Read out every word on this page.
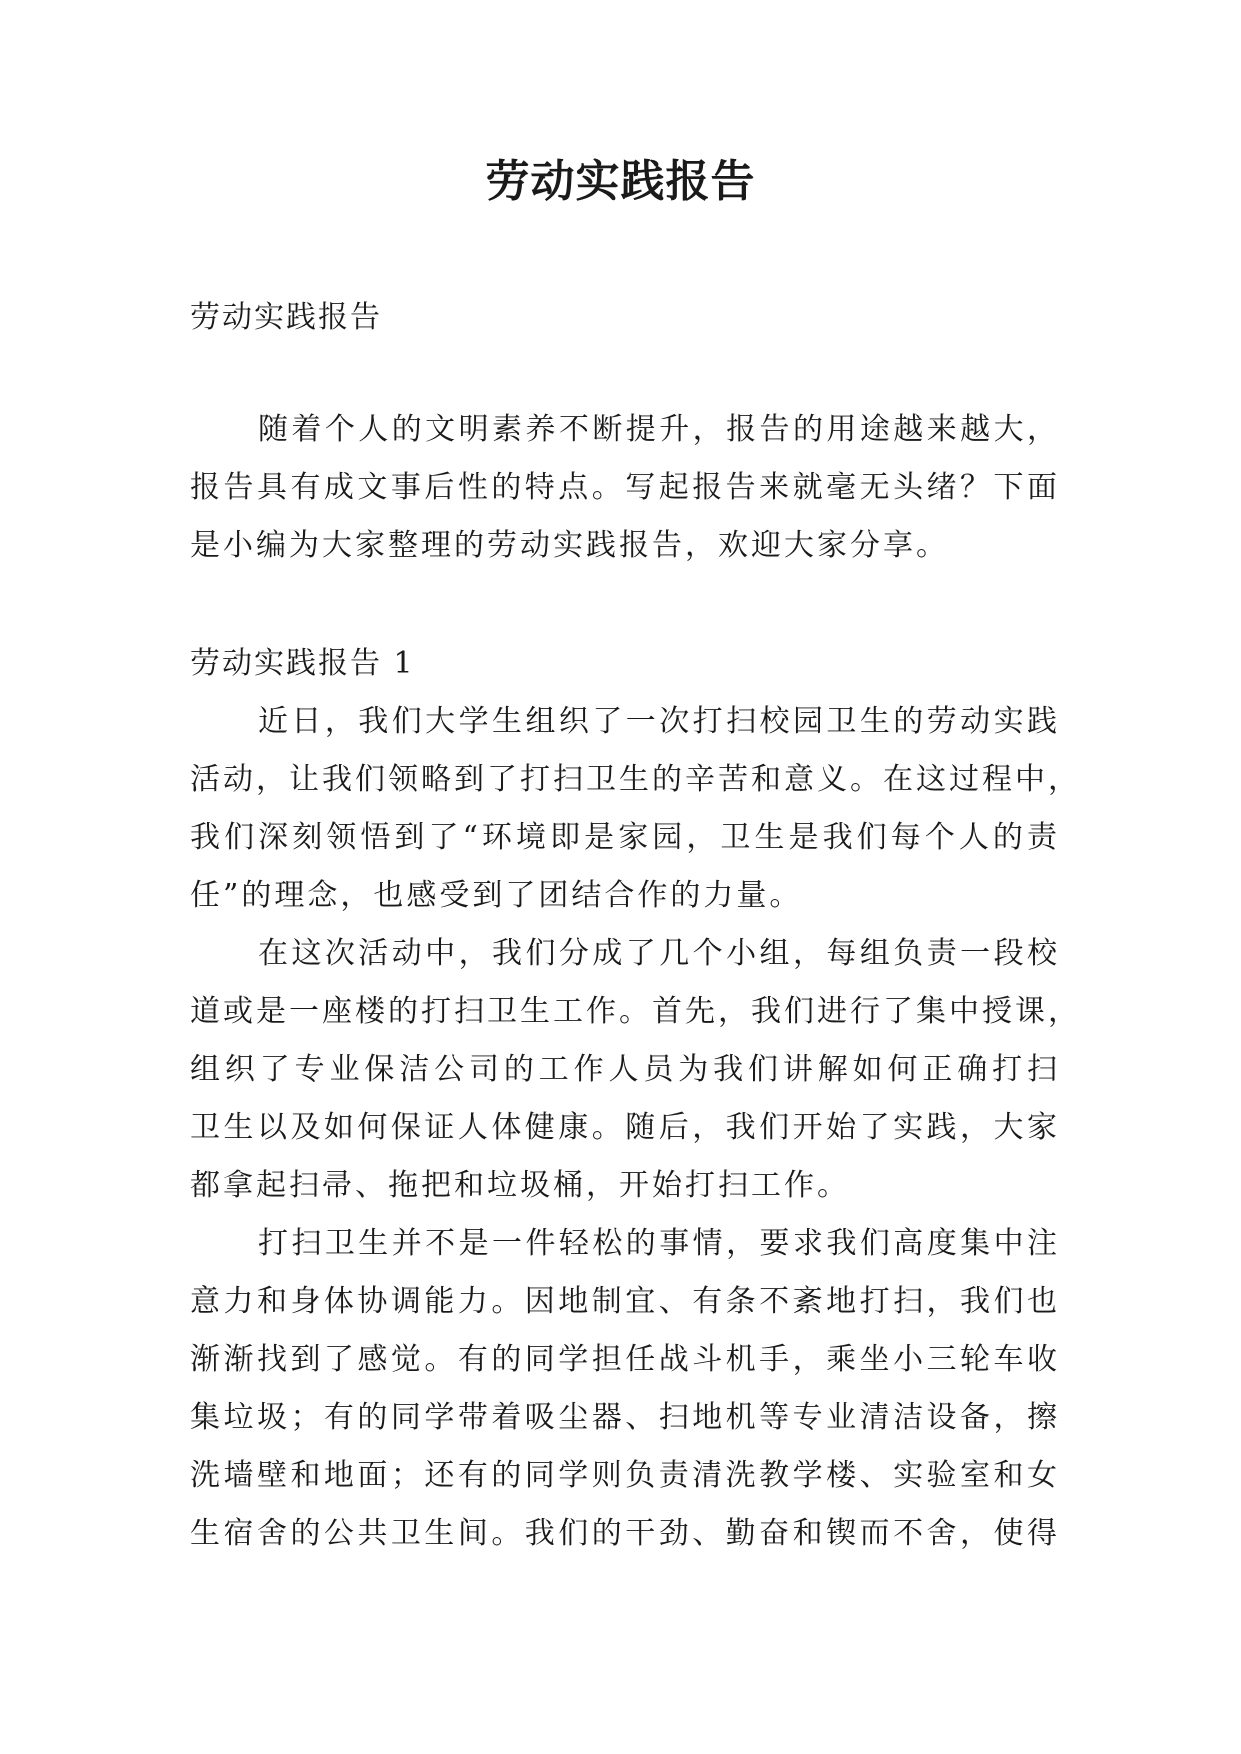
劳动实践报告
劳动实践报告
随着个人的文明素养不断提升，报告的用途越来越大，
报告具有成文事后性的特点。写起报告来就毫无头绪？下面
是小编为大家整理的劳动实践报告，欢迎大家分享。
劳动实践报告 1
近日，我们大学生组织了一次打扫校园卫生的劳动实践
活动，让我们领略到了打扫卫生的辛苦和意义。在这过程中，
我们深刻领悟到了“环境即是家园，卫生是我们每个人的责
任”的理念，也感受到了团结合作的力量。
在这次活动中，我们分成了几个小组，每组负责一段校
道或是一座楼的打扫卫生工作。首先，我们进行了集中授课，
组织了专业保洁公司的工作人员为我们讲解如何正确打扫
卫生以及如何保证人体健康。随后，我们开始了实践，大家
都拿起扫帚、拖把和垃圾桶，开始打扫工作。
打扫卫生并不是一件轻松的事情，要求我们高度集中注
意力和身体协调能力。因地制宜、有条不紊地打扫，我们也
渐渐找到了感觉。有的同学担任战斗机手，乘坐小三轮车收
集垃圾；有的同学带着吸尘器、扫地机等专业清洁设备，擦
洗墙壁和地面；还有的同学则负责清洗教学楼、实验室和女
生宿舍的公共卫生间。我们的干劲、勤奋和锲而不舍，使得
